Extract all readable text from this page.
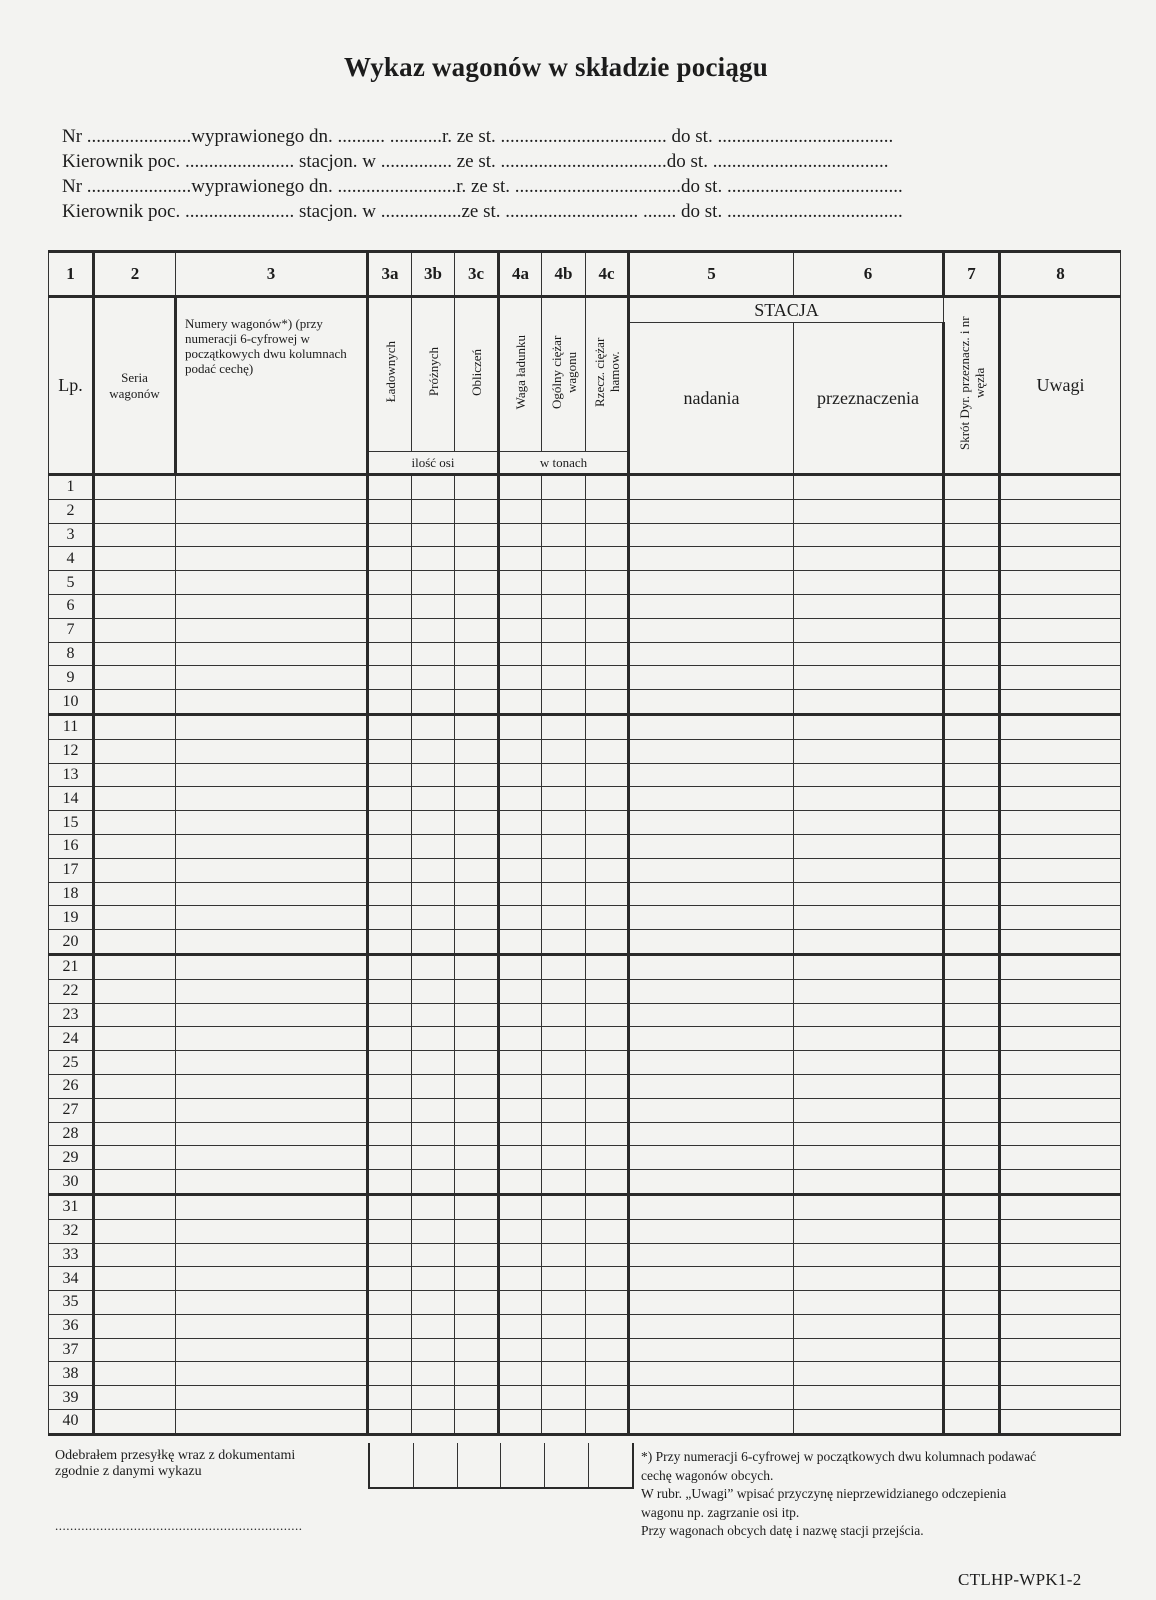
Wykaz wagonów w składzie pociągu
Nr ......................wyprawionego dn. .......... ...........r. ze st. ................................... do st. .....................................
Kierownik poc. ....................... stacjon. w ............... ze st. ...................................do st. .....................................
Nr ......................wyprawionego dn. .........................r. ze st. ...................................do st. .....................................
Kierownik poc. ....................... stacjon. w .................ze st. ............................ ....... do st. .....................................
1	2	3	3a	3b	3c	4a	4b	4c	5	6	7	8
Lp.	Seria wagonów	Numery wagonów*) (przy numeracji 6-cyfrowej w początkowych dwu kolumnach podać cechę)	Ładownych	Próżnych	Obliczeń	Waga ładunku	Ogólny ciężar wagonu	Rzecz. ciężar hamow.	STACJA		Skrót Dyr. przeznacz. i nr węzła	Uwagi
									nadania	przeznaczenia		
			ilość osi			w tonach						
1												
2												
3												
4												
5												
6												
7												
8												
9												
10												
11												
12												
13												
14												
15												
16												
17												
18												
19												
20												
21												
22												
23												
24												
25												
26												
27												
28												
29												
30												
31												
32												
33												
34												
35												
36												
37												
38												
39												
40												
Odebrałem przesyłkę wraz z dokumentami
zgodnie z danymi wykazu
..................................................................
*) Przy numeracji 6-cyfrowej w początkowych dwu kolumnach podawać
cechę wagonów obcych.
W rubr. „Uwagi” wpisać przyczynę nieprzewidzianego odczepienia
wagonu np. zagrzanie osi itp.
Przy wagonach obcych datę i nazwę stacji przejścia.
CTLHP-WPK1-2
